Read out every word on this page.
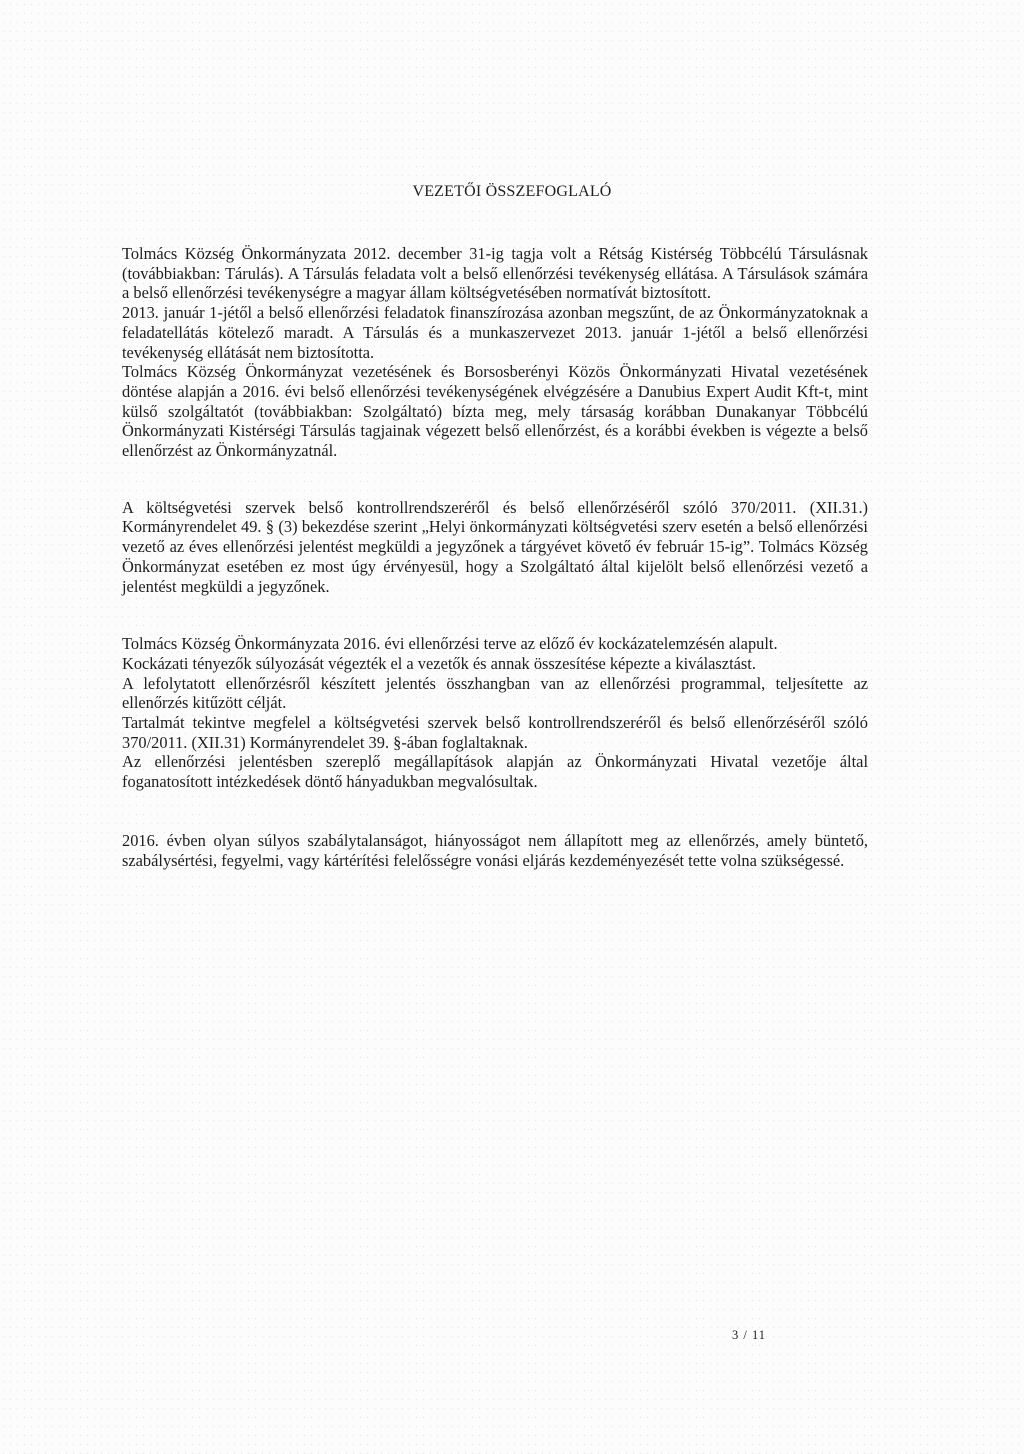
VEZETŐI ÖSSZEFOGLALÓ

Tolmács Község Önkormányzata 2012. december 31-ig tagja volt a Rétság Kistérség Többcélú Társulásnak (továbbiakban: Tárulás). A Társulás feladata volt a belső ellenőrzési tevékenység ellátása. A Társulások számára a belső ellenőrzési tevékenységre a magyar állam költségvetésében normatívát biztosított.

2013. január 1-jétől a belső ellenőrzési feladatok finanszírozása azonban megszűnt, de az Önkormányzatoknak a feladatellátás kötelező maradt. A Társulás és a munkaszervezet 2013. január 1-jétől a belső ellenőrzési tevékenység ellátását nem biztosította.

Tolmács Község Önkormányzat vezetésének és Borsosberényi Közös Önkormányzati Hivatal vezetésének döntése alapján a 2016. évi belső ellenőrzési tevékenységének elvégzésére a Danubius Expert Audit Kft-t, mint külső szolgáltatót (továbbiakban: Szolgáltató) bízta meg, mely társaság korábban Dunakanyar Többcélú Önkormányzati Kistérségi Társulás tagjainak végezett belső ellenőrzést, és a korábbi években is végezte a belső ellenőrzést az Önkormányzatnál.

A költségvetési szervek belső kontrollrendszeréről és belső ellenőrzéséről szóló 370/2011. (XII.31.) Kormányrendelet 49. § (3) bekezdése szerint „Helyi önkormányzati költségvetési szerv esetén a belső ellenőrzési vezető az éves ellenőrzési jelentést megküldi a jegyzőnek a tárgyévet követő év február 15-ig”. Tolmács Község Önkormányzat esetében ez most úgy érvényesül, hogy a Szolgáltató által kijelölt belső ellenőrzési vezető a jelentést megküldi a jegyzőnek.

Tolmács Község Önkormányzata 2016. évi ellenőrzési terve az előző év kockázatelemzésén alapult.

Kockázati tényezők súlyozását végezték el a vezetők és annak összesítése képezte a kiválasztást.

A lefolytatott ellenőrzésről készített jelentés összhangban van az ellenőrzési programmal, teljesítette az ellenőrzés kitűzött célját.

Tartalmát tekintve megfelel a költségvetési szervek belső kontrollrendszeréről és belső ellenőrzéséről szóló 370/2011. (XII.31) Kormányrendelet 39. §-ában foglaltaknak.

Az ellenőrzési jelentésben szereplő megállapítások alapján az Önkormányzati Hivatal vezetője által foganatosított intézkedések döntő hányadukban megvalósultak.

2016. évben olyan súlyos szabálytalanságot, hiányosságot nem állapított meg az ellenőrzés, amely büntető, szabálysértési, fegyelmi, vagy kártérítési felelősségre vonási eljárás kezdeményezését tette volna szükségessé.

3 / 11
